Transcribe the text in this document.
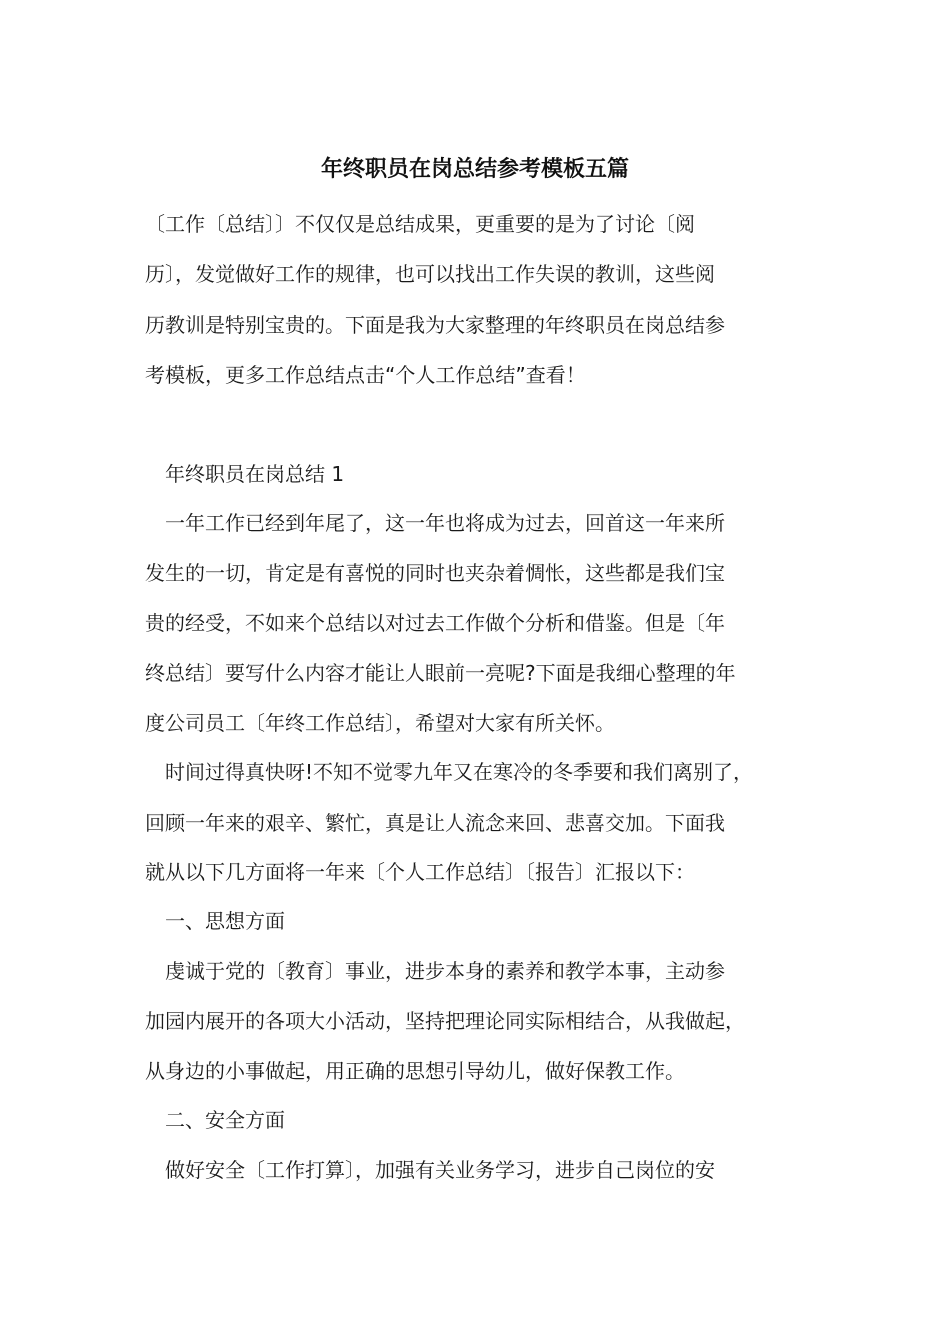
年终职员在岗总结参考模板五篇
〔工作〔总结〕〕不仅仅是总结成果，更重要的是为了讨论〔阅
历〕，发觉做好工作的规律，也可以找出工作失误的教训，这些阅
历教训是特别宝贵的。下面是我为大家整理的年终职员在岗总结参
考模板，更多工作总结点击“个人工作总结”查看！
年终职员在岗总结 1
一年工作已经到年尾了，这一年也将成为过去，回首这一年来所
发生的一切，肯定是有喜悦的同时也夹杂着惆怅，这些都是我们宝
贵的经受，不如来个总结以对过去工作做个分析和借鉴。但是〔年
终总结〕要写什么内容才能让人眼前一亮呢?下面是我细心整理的年
度公司员工〔年终工作总结〕，希望对大家有所关怀。
时间过得真快呀!不知不觉零九年又在寒冷的冬季要和我们离别了，
回顾一年来的艰辛、繁忙，真是让人流念来回、悲喜交加。下面我
就从以下几方面将一年来〔个人工作总结〕〔报告〕汇报以下：
一、思想方面
虔诚于党的〔教育〕事业，进步本身的素养和教学本事，主动参
加园内展开的各项大小活动，坚持把理论同实际相结合，从我做起，
从身边的小事做起，用正确的思想引导幼儿，做好保教工作。
二、安全方面
做好安全〔工作打算〕，加强有关业务学习，进步自己岗位的安
